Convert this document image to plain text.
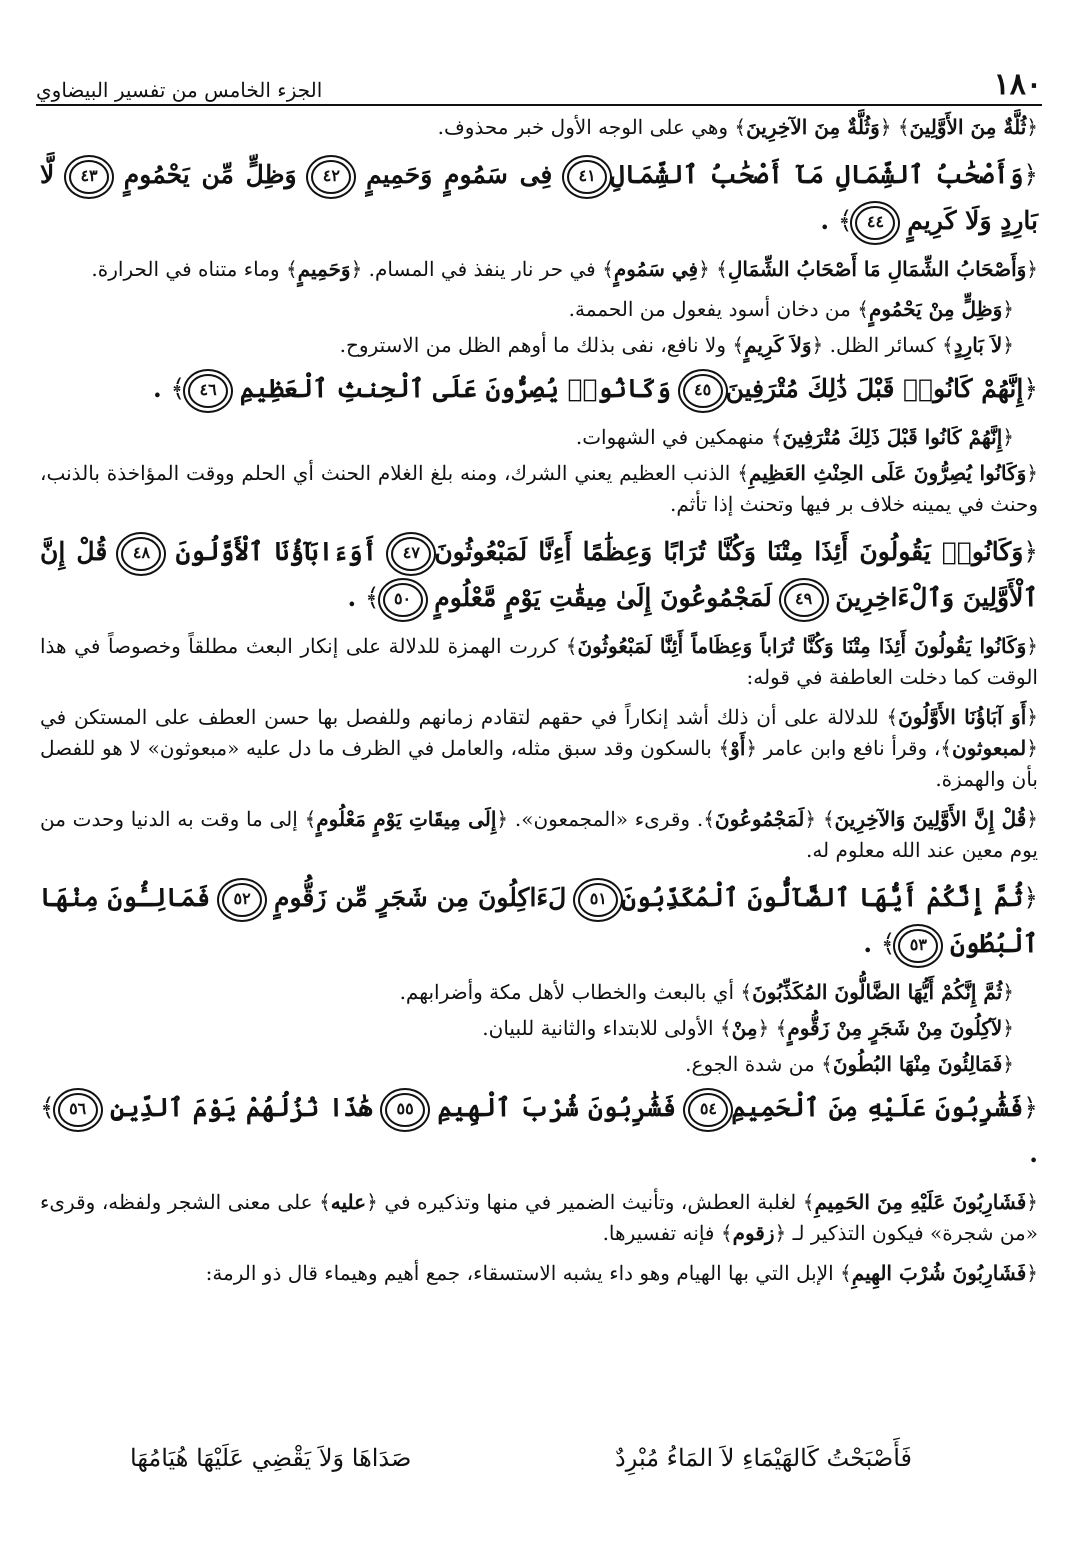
١٨٠
الجزء الخامس من تفسير البيضاوي
﴿ثُلَّةٌ مِنَ الأَوَّلِينَ﴾ ﴿وَثُلَّةٌ مِنَ الآخِرِينَ﴾ وهي على الوجه الأول خبر محذوف.
﴿وَأَصْحَٰبُ ٱلشِّمَالِ مَآ أَصْحَٰبُ ٱلشِّمَالِ٤١ فِى سَمُومٍ وَحَمِيمٍ ٤٢ وَظِلٍّ مِّن يَحْمُومٍ ٤٣ لَّا بَارِدٍ وَلَا كَرِيمٍ ٤٤﴾ .
﴿وَأَصْحَابُ الشِّمَالِ مَا أَصْحَابُ الشِّمَالِ﴾ ﴿فِي سَمُومٍ﴾ في حر نار ينفذ في المسام. ﴿وَحَمِيمٍ﴾ وماء متناه في الحرارة.
﴿وَظِلٍّ مِنْ يَحْمُومٍ﴾ من دخان أسود يفعول من الحممة.
﴿لاَ بَارِدٍ﴾ كسائر الظل. ﴿وَلاَ كَرِيمٍ﴾ ولا نافع، نفى بذلك ما أوهم الظل من الاستروح.
﴿إِنَّهُمْ كَانُوا۟ قَبْلَ ذَٰلِكَ مُتْرَفِينَ٤٥ وَكَانُوا۟ يُصِرُّونَ عَلَى ٱلْحِنثِ ٱلْعَظِيمِ ٤٦﴾ .
﴿إِنَّهُمْ كَانُوا قَبْلَ ذَلِكَ مُتْرَفِينَ﴾ منهمكين في الشهوات.
﴿وَكَانُوا يُصِرُّونَ عَلَى الحِنْثِ العَظِيمِ﴾ الذنب العظيم يعني الشرك، ومنه بلغ الغلام الحنث أي الحلم ووقت المؤاخذة بالذنب، وحنث في يمينه خلاف بر فيها وتحنث إذا تأثم.
﴿وَكَانُوا۟ يَقُولُونَ أَئِذَا مِتْنَا وَكُنَّا تُرَابًا وَعِظَٰمًا أَءِنَّا لَمَبْعُوثُونَ٤٧ أَوَءَابَآؤُنَا ٱلْأَوَّلُونَ ٤٨ قُلْ إِنَّ ٱلْأَوَّلِينَ وَٱلْءَاخِرِينَ ٤٩ لَمَجْمُوعُونَ إِلَىٰ مِيقَٰتِ يَوْمٍ مَّعْلُومٍ ٥٠﴾ .
﴿وَكَانُوا يَقُولُونَ أَئِذَا مِتْنَا وَكُنَّا تُرَاباً وَعِظَاماً أَئِنَّا لَمَبْعُوثُونَ﴾ كررت الهمزة للدلالة على إنكار البعث مطلقاً وخصوصاً في هذا الوقت كما دخلت العاطفة في قوله:
﴿أَوَ آبَاؤُنَا الأَوَّلُونَ﴾ للدلالة على أن ذلك أشد إنكاراً في حقهم لتقادم زمانهم وللفصل بها حسن العطف على المستكن في ﴿لمبعوثون﴾، وقرأ نافع وابن عامر ﴿أَوْ﴾ بالسكون وقد سبق مثله، والعامل في الظرف ما دل عليه «مبعوثون» لا هو للفصل بأن والهمزة.
﴿قُلْ إِنَّ الأَوَّلِينَ وَالآخِرِينَ﴾ ﴿لَمَجْمُوعُونَ﴾. وقرىء «المجمعون». ﴿إِلَى مِيقَاتِ يَوْمٍ مَعْلُومٍ﴾ إلى ما وقت به الدنيا وحدت من يوم معين عند الله معلوم له.
﴿ثُمَّ إِنَّكُمْ أَيُّهَا ٱلضَّآلُّونَ ٱلْمُكَذِّبُونَ٥١ لَءَاكِلُونَ مِن شَجَرٍ مِّن زَقُّومٍ ٥٢ فَمَالِـُٔونَ مِنْهَا ٱلْبُطُونَ ٥٣﴾ .
﴿ثُمَّ إِنَّكُمْ أَيُّهَا الضَّالُّونَ المُكَذِّبُونَ﴾ أي بالبعث والخطاب لأهل مكة وأضرابهم.
﴿لآكِلُونَ مِنْ شَجَرٍ مِنْ زَقُّومٍ﴾ ﴿مِنْ﴾ الأولى للابتداء والثانية للبيان.
﴿فَمَالِئُونَ مِنْهَا البُطُونَ﴾ من شدة الجوع.
﴿فَشَٰرِبُونَ عَلَيْهِ مِنَ ٱلْحَمِيمِ٥٤ فَشَٰرِبُونَ شُرْبَ ٱلْهِيمِ ٥٥ هَٰذَا نُزُلُهُمْ يَوْمَ ٱلدِّينِ ٥٦﴾ .
﴿فَشَارِبُونَ عَلَيْهِ مِنَ الحَمِيمِ﴾ لغلبة العطش، وتأنيث الضمير في منها وتذكيره في ﴿عليه﴾ على معنى الشجر ولفظه، وقرىء «من شجرة» فيكون التذكير لـ ﴿زقوم﴾ فإنه تفسيرها.
﴿فَشَارِبُونَ شُرْبَ الهِيمِ﴾ الإبل التي بها الهيام وهو داء يشبه الاستسقاء، جمع أهيم وهيماء قال ذو الرمة:
فَأَصْبَحْتُ كَالهَيْمَاءِ لاَ المَاءُ مُبْرِدٌ
صَدَاهَا وَلاَ يَقْضِي عَلَيْهَا هُيَامُهَا
